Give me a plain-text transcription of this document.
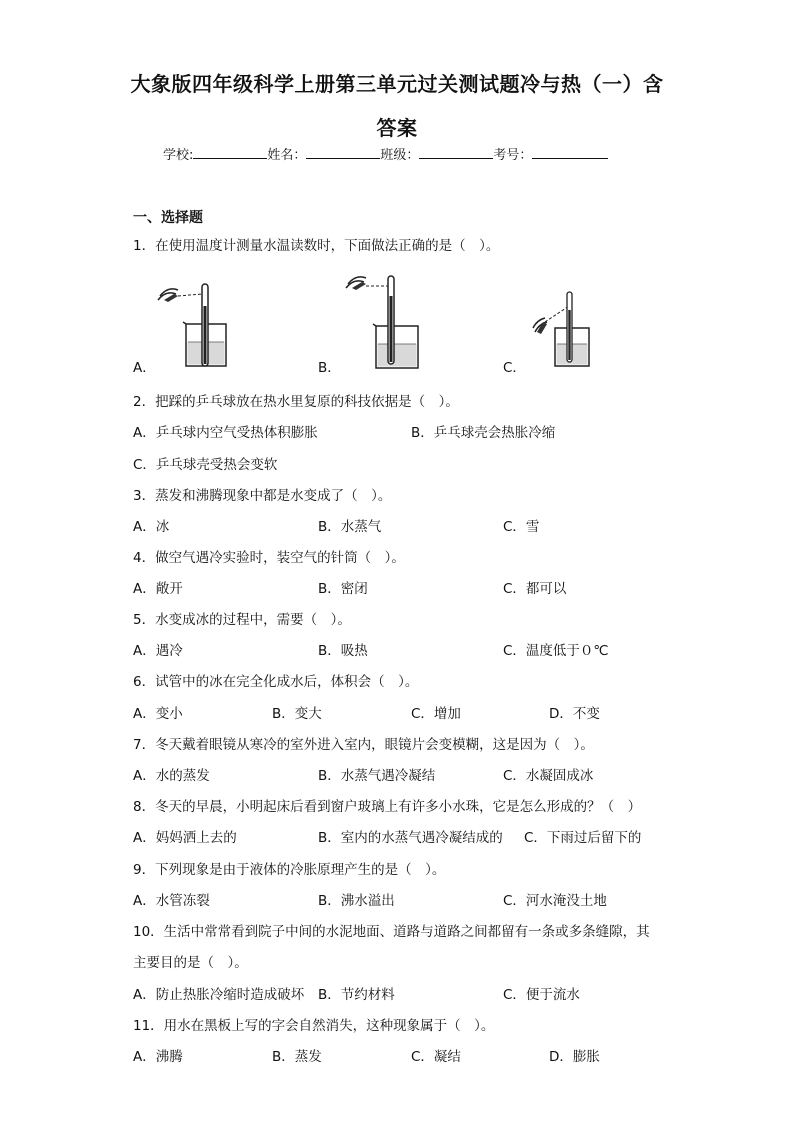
大象版四年级科学上册第三单元过关测试题冷与热（一）含
答案
学校:	姓名：	班级：	考号：
一、选择题
1．在使用温度计测量水温读数时，下面做法正确的是（　）。
A．	B．	C．
2．把踩的乒乓球放在热水里复原的科技依据是（　）。
A．乒乓球内空气受热体积膨胀	B．乒乓球壳会热胀冷缩
C．乒乓球壳受热会变软
3．蒸发和沸腾现象中都是水变成了（　）。
A．冰	B．水蒸气	C．雪
4．做空气遇冷实验时，装空气的针筒（　）。
A．敞开	B．密闭	C．都可以
5．水变成冰的过程中，需要（　）。
A．遇冷	B．吸热	C．温度低于０℃
6．试管中的冰在完全化成水后，体积会（　）。
A．变小	B．变大	C．增加	D．不变
7．冬天戴着眼镜从寒冷的室外进入室内，眼镜片会变模糊，这是因为（　）。
A．水的蒸发	B．水蒸气遇冷凝结	C．水凝固成冰
8．冬天的早晨，小明起床后看到窗户玻璃上有许多小水珠，它是怎么形成的？（　）
A．妈妈洒上去的	B．室内的水蒸气遇冷凝结成的 C．下雨过后留下的
9．下列现象是由于液体的冷胀原理产生的是（　）。
A．水管冻裂	B．沸水溢出	C．河水淹没土地
10．生活中常常看到院子中间的水泥地面、道路与道路之间都留有一条或多条缝隙，其
主要目的是（　）。
A．防止热胀冷缩时造成破坏 B．节约材料	C．便于流水
11．用水在黑板上写的字会自然消失，这种现象属于（　）。
A．沸腾	B．蒸发	C．凝结	D．膨胀
